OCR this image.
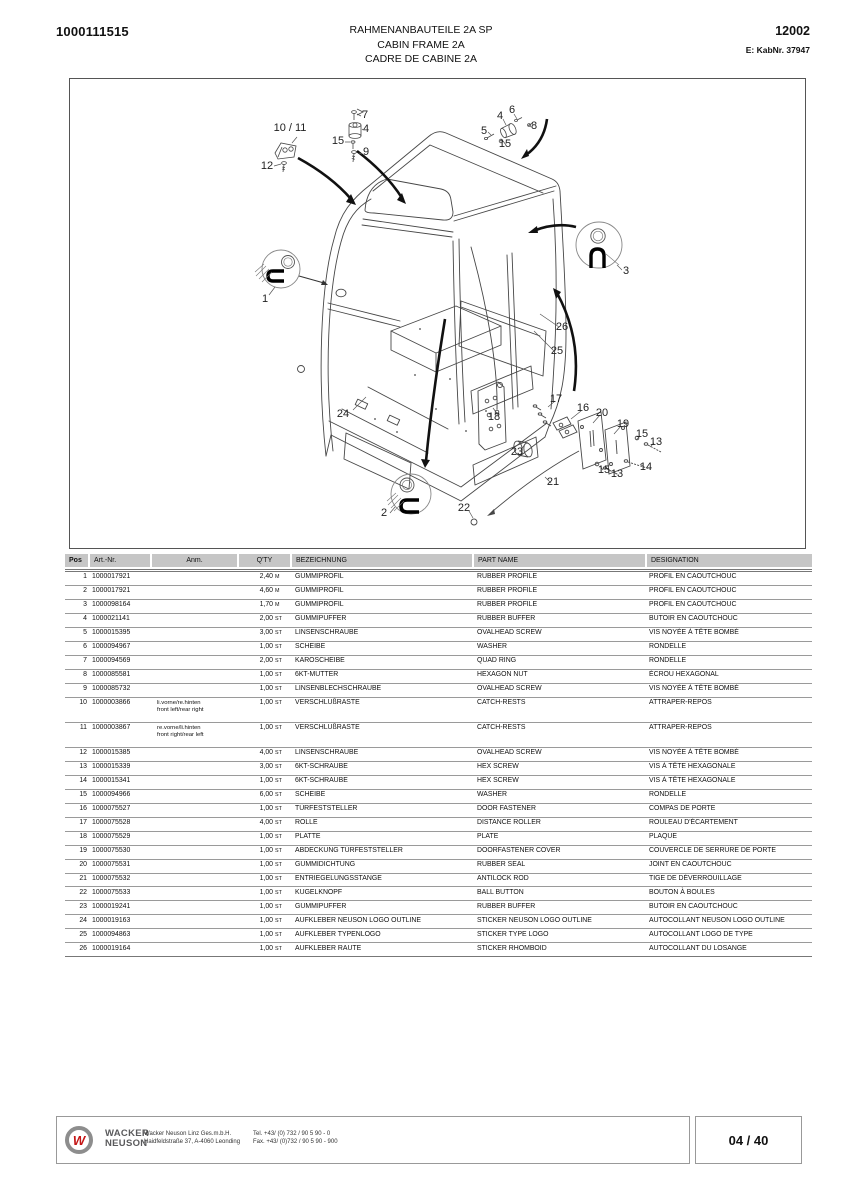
1000111515	RAHMENANBAUTEILE 2A SP
CABIN FRAME 2A
CADRE DE CABINE 2A
12002
E: KabNr. 37947
10 / 11
12
7
4
15
9
4 6
8
5
15
1
3
26
25
24	18
17
16 20
19
15
13
23
14
15 13
21
22
2
Pos	Art.-Nr.	Anm.	Q'TY	BEZEICHNUNG	PART NAME	DESIGNATION

1	1000017921		2,40 M	GUMMIPROFIL	RUBBER PROFILE	PROFIL EN CAOUTCHOUC
2	1000017921		4,60 M	GUMMIPROFIL	RUBBER PROFILE	PROFIL EN CAOUTCHOUC
3	1000098164		1,70 M	GUMMIPROFIL	RUBBER PROFILE	PROFIL EN CAOUTCHOUC
4	1000021141		2,00 ST	GUMMIPUFFER	RUBBER BUFFER	BUTOIR EN CAOUTCHOUC
5	1000015395		3,00 ST	LINSENSCHRAUBE	OVALHEAD SCREW	VIS NOYÉE À TÊTE BOMBÉ
6	1000094967		1,00 ST	SCHEIBE	WASHER	RONDELLE
7	1000094569		2,00 ST	KAROSCHEIBE	QUAD RING	RONDELLE
8	1000085581		1,00 ST	6KT-MUTTER	HEXAGON NUT	ÉCROU HEXAGONAL
9	1000085732		1,00 ST	LINSENBLECHSCHRAUBE	OVALHEAD SCREW	VIS NOYÉE À TÊTE BOMBÉ
10	1000003866	li.vorne/re.hinten
front left/rear right	1,00 ST	VERSCHLUßRASTE	CATCH-RESTS	ATTRAPER-REPOS
11	1000003867	re.vorne/li.hinten
front right/rear left	1,00 ST	VERSCHLUßRASTE	CATCH-RESTS	ATTRAPER-REPOS
12	1000015385		4,00 ST	LINSENSCHRAUBE	OVALHEAD SCREW	VIS NOYÉE À TÊTE BOMBÉ
13	1000015339		3,00 ST	6KT-SCHRAUBE	HEX SCREW	VIS À TÊTE HEXAGONALE
14	1000015341		1,00 ST	6KT-SCHRAUBE	HEX SCREW	VIS À TÊTE HEXAGONALE
15	1000094966		6,00 ST	SCHEIBE	WASHER	RONDELLE
16	1000075527		1,00 ST	TÜRFESTSTELLER	DOOR FASTENER	COMPAS DE PORTE
17	1000075528		4,00 ST	ROLLE	DISTANCE ROLLER	ROULEAU D'ÉCARTEMENT
18	1000075529		1,00 ST	PLATTE	PLATE	PLAQUE
19	1000075530		1,00 ST	ABDECKUNG TÜRFESTSTELLER	DOORFASTENER COVER	COUVERCLE DE SERRURE DE PORTE
20	1000075531		1,00 ST	GUMMIDICHTUNG	RUBBER SEAL	JOINT EN CAOUTCHOUC
21	1000075532		1,00 ST	ENTRIEGELUNGSSTANGE	ANTILOCK ROD	TIGE DE DÉVERROUILLAGE
22	1000075533		1,00 ST	KUGELKNOPF	BALL BUTTON	BOUTON À BOULES
23	1000019241		1,00 ST	GUMMIPUFFER	RUBBER BUFFER	BUTOIR EN CAOUTCHOUC
24	1000019163		1,00 ST	AUFKLEBER NEUSON LOGO OUTLINE	STICKER NEUSON LOGO OUTLINE	AUTOCOLLANT NEUSON LOGO OUTLINE
25	1000094863		1,00 ST	AUFKLEBER TYPENLOGO	STICKER TYPE LOGO	AUTOCOLLANT LOGO DE TYPE
26	1000019164		1,00 ST	AUFKLEBER RAUTE	STICKER RHOMBOID	AUTOCOLLANT DU LOSANGE
W WACKER
NEUSON
Wacker Neuson Linz Ges.m.b.H.
Haidfeldstraße 37, A-4060 Leonding
Tel. +43/ (0) 732 / 90 5 90 - 0
Fax. +43/ (0)732 / 90 5 90 - 900	04 / 40
